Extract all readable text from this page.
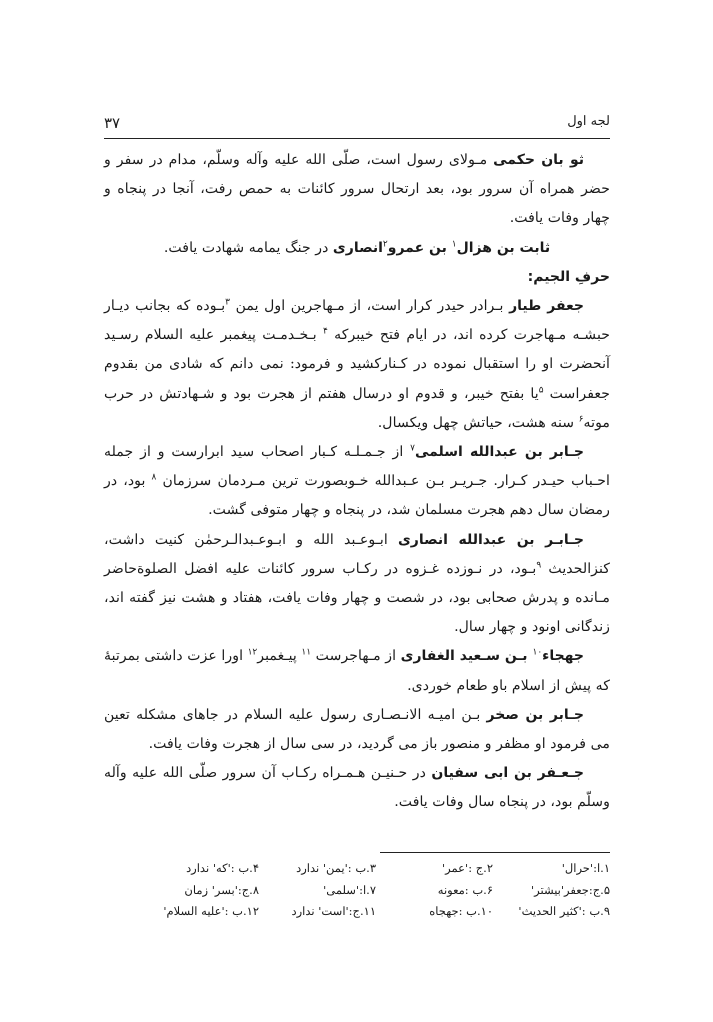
لجه اول
۳۷

ثو بان حکمی مـولای رسول است، صلّی الله علیه وآله وسلّم، مدام در سفر و حضر همراه آن سرور بود، بعد ارتحال سرور کائنات به حمص رفت، آنجا در پنجاه و چهار وفات یافت.

ثابت بن هزال$^۱$ بن عمرو$^۲$انصاری در جنگ یمامه شهادت یافت.

حرفِ الجیم:

جعفر طیار بـرادر حیدر کرار است، از مـهاجرین اول یمن $^۳$بـوده که بجانب دیـار حبشـه مـهاجرت کرده اند، در ایام فتح خیبرکه $^۴$ بـخـدمـت پیغمبر علیه السلام رسـید آنحضرت او را استقبال نموده در کـنارکشید و فرمود: نمی دانم که شادی من بقدوم جعفراست $^۵$یا بفتح خیبر، و قدوم او درسال هفتم از هجرت بود و شـهادتش در حرب موته$^۶$ سنه هشت، حیاتش چهل ویکسال.

جـابر بن عبدالله اسلمی$^۷$ از جـمـلـه کـبار اصحاب سید ابرارست و از جمله احـباب حیـدر کـرار. جـریـر بـن عـبدالله خـوبصورت ترین مـردمان سرزمان $^۸$ بود، در رمضان سال دهم هجرت مسلمان شد، در پنجاه و چهار متوفی گشت.

جـابـر بن عبدالله انصاری ابـوعـبد الله و ابـوعـبدالـرحمٰن کنیت داشت، کنزالحدیث $^۹$بـود، در نـوزده غـزوه در رکـاب سرور کائنات علیه افضل الصلوةحاضر مـانده و پدرش صحابی بود، در شصت و چهار وفات یافت، هفتاد و هشت نیز گفته اند، زندگانی اونود و چهار سال.

جهجاء$^{۱۰}$ بـن سـعید الغفاری از مـهاجرست $^{۱۱}$ پیـغمبر$^{۱۲}$ اورا عزت داشتی بمرتبۀ که پیش از اسلام باو طعام خوردی.

جـابر بن صخر بـن امیـه الانـصـاری رسول علیه السلام در جاهای مشکله تعین می فرمود او مظفر و منصور باز می گردید، در سی سال از هجرت وفات یافت.

جـعـفر بن ابی سفیان در حـنیـن هـمـراه رکـاب آن سرور صلّی الله علیه وآله وسلّم بود، در پنجاه سال وفات یافت.

۱.ا:'حرال'
۲.ج :'عمر'
۳.ب :'یمن' ندارد
۴.ب :'که' ندارد
۵.ج:جعفر'بیشتر'
۶.ب :معونه
۷.ا:'سلمی'
۸.ج:'بسر' زمان
۹.ب :'کثیر الحدیث'
۱۰.ب :جهجاه
۱۱.ج:'است' ندارد
۱۲.ب :'علیه السلام'
